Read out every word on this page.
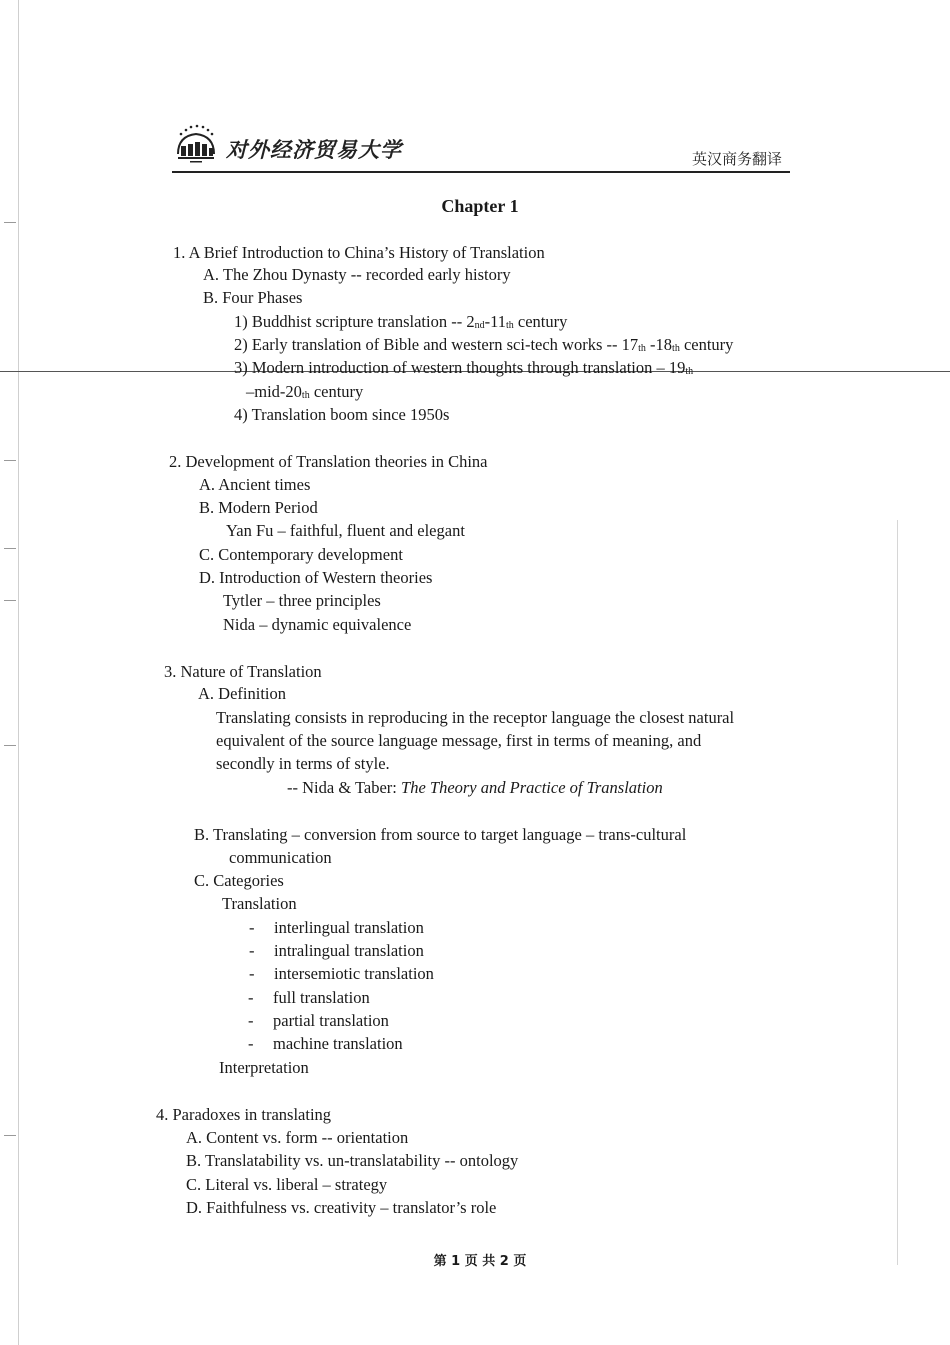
对外经济贸易大学	英汉商务翻译
Chapter 1
1. A Brief Introduction to China’s History of Translation
A. The Zhou Dynasty -- recorded early history
B. Four Phases
1) Buddhist scripture translation -- $2_{nd}-11_{th}$ century
2) Early translation of Bible and western sci-tech works -- $17_{th}$ $-18_{th}$ century
3) Modern introduction of western thoughts through translation – $19_{th}$
$-mid-20_{th}$ century
4) Translation boom since 1950s
2. Development of Translation theories in China
A. Ancient times
B. Modern Period
Yan Fu – faithful, fluent and elegant
C. Contemporary development
D. Introduction of Western theories
Tytler – three principles
Nida – dynamic equivalence
3. Nature of Translation
A. Definition
Translating consists in reproducing in the receptor language the closest natural
equivalent of the source language message, first in terms of meaning, and
secondly in terms of style.
-- Nida & Taber: The Theory and Practice of Translation
B. Translating – conversion from source to target language – trans-cultural
communication
C. Categories
Translation
- interlingual translation
- intralingual translation
- intersemiotic translation
- full translation
- partial translation
- machine translation
Interpretation
4. Paradoxes in translating
A. Content vs. form -- orientation
B. Translatability vs. un-translatability -- ontology
C. Literal vs. liberal – strategy
D. Faithfulness vs. creativity – translator’s role
第 1 页 共 2 页
